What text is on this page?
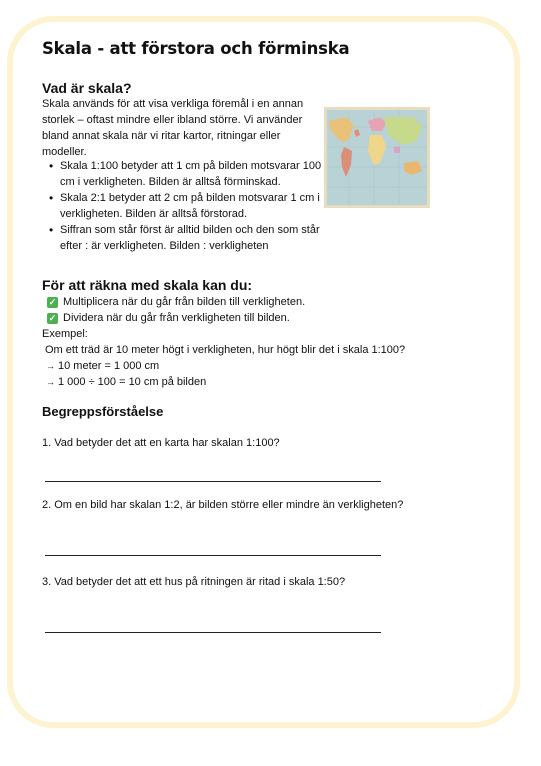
Skala - att förstora och förminska
Vad är skala?
Skala används för att visa verkliga föremål i en annan storlek – oftast mindre eller ibland större. Vi använder bland annat skala när vi ritar kartor, ritningar eller modeller.
• Skala 1:100 betyder att 1 cm på bilden motsvarar 100 cm i verkligheten. Bilden är alltså förminskad.
• Skala 2:1 betyder att 2 cm på bilden motsvarar 1 cm i verkligheten. Bilden är alltså förstorad.
• Siffran som står först är alltid bilden och den som står efter : är verkligheten. Bilden : verkligheten
För att räkna med skala kan du:
✓ Multiplicera när du går från bilden till verkligheten.
✓ Dividera när du går från verkligheten till bilden.
Exempel:
Om ett träd är 10 meter högt i verkligheten, hur högt blir det i skala 1:100?
→ 10 meter = 1 000 cm
→ 1 000 ÷ 100 = 10 cm på bilden
Begreppsförståelse
1. Vad betyder det att en karta har skalan 1:100?
2. Om en bild har skalan 1:2, är bilden större eller mindre än verkligheten?
3. Vad betyder det att ett hus på ritningen är ritad i skala 1:50?
